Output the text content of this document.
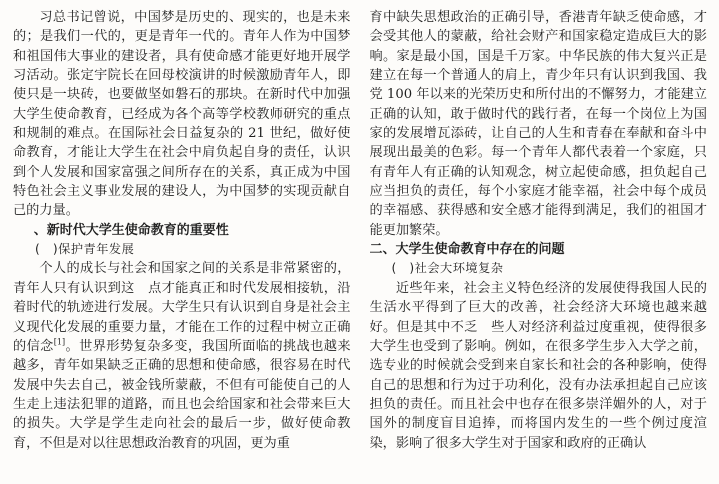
习总书记曾说，中国梦是历史的、现实的，也是未来的；是我们一代的，更是青年一代的。青年人作为中国梦和祖国伟大事业的建设者，具有使命感才能更好地开展学习活动。张定宇院长在回母校演讲的时候激励青年人，即使只是一块砖，也要做坚如磐石的那块。在新时代中加强大学生使命教育，已经成为各个高等学校教师研究的重点和规制的难点。在国际社会日益复杂的 21 世纪，做好使命教育，才能让大学生在社会中肩负起自身的责任，认识到个人发展和国家富强之间所存在的关系，真正成为中国特色社会主义事业发展的建设人，为中国梦的实现贡献自己的力量。

、新时代大学生使命教育的重要性

(　)保护青年发展

个人的成长与社会和国家之间的关系是非常紧密的，青年人只有认识到这　点才能真正和时代发展相接轨，沿着时代的轨迹进行发展。大学生只有认识到自身是社会主义现代化发展的重要力量，才能在工作的过程中树立正确的信念[1]。世界形势复杂多变，我国所面临的挑战也越来越多，青年如果缺乏正确的思想和使命感，很容易在时代发展中失去自己，被金钱所蒙蔽，不但有可能使自己的人生走上违法犯罪的道路，而且也会给国家和社会带来巨大的损失。大学是学生走向社会的最后一步，做好使命教育，不但是对以往思想政治教育的巩固，更为重

育中缺失思想政治的正确引导，香港青年缺乏使命感，才会受其他人的蒙蔽，给社会财产和国家稳定造成巨大的影响。家是最小国，国是千万家。中华民族的伟大复兴正是建立在每一个普通人的肩上，青少年只有认识到我国、我党 100 年以来的光荣历史和所付出的不懈努力，才能建立正确的认知，敢于做时代的践行者，在每一个岗位上为国家的发展增瓦添砖，让自己的人生和青春在奉献和奋斗中展现出最美的色彩。每一个青年人都代表着一个家庭，只有青年人有正确的认知观念，树立起使命感，担负起自己应当担负的责任，每个小家庭才能幸福，社会中每个成员的幸福感、获得感和安全感才能得到满足，我们的祖国才能更加繁荣。

二、大学生使命教育中存在的问题

(　)社会大环境复杂

近些年来，社会主义特色经济的发展使得我国人民的生活水平得到了巨大的改善，社会经济大环境也越来越好。但是其中不乏　些人对经济利益过度重视，使得很多大学生也受到了影响。例如，在很多学生步入大学之前，选专业的时候就会受到来自家长和社会的各种影响，使得自己的思想和行为过于功利化，没有办法承担起自己应该担负的责任。而且社会中也存在很多崇洋媚外的人，对于国外的制度盲目追捧，而将国内发生的一些个例过度渲染，影响了很多大学生对于国家和政府的正确认
